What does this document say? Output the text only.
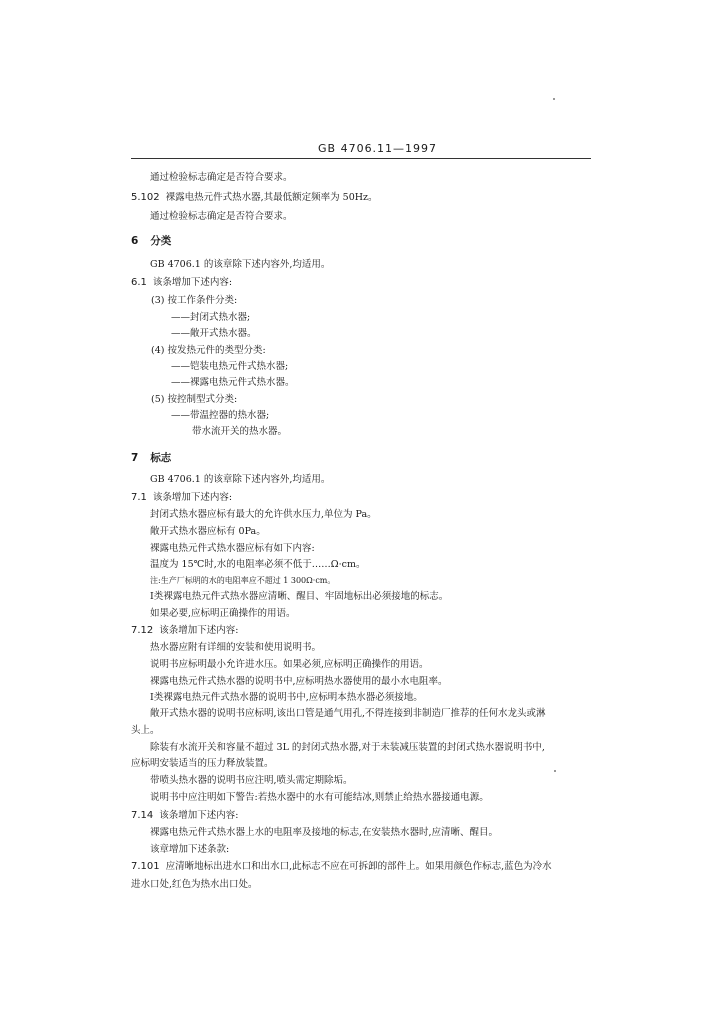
GB 4706.11—1997
通过检验标志确定是否符合要求。
5.102 裸露电热元件式热水器,其最低额定频率为 50Hz。
通过检验标志确定是否符合要求。
6 分类
GB 4706.1 的该章除下述内容外,均适用。
6.1 该条增加下述内容:
(3) 按工作条件分类:
——封闭式热水器;
——敞开式热水器。
(4) 按发热元件的类型分类:
——铠装电热元件式热水器;
——裸露电热元件式热水器。
(5) 按控制型式分类:
——带温控器的热水器;
带水流开关的热水器。
7 标志
GB 4706.1 的该章除下述内容外,均适用。
7.1 该条增加下述内容:
封闭式热水器应标有最大的允许供水压力,单位为 Pa。
敞开式热水器应标有 0Pa。
裸露电热元件式热水器应标有如下内容:
温度为 15℃时,水的电阻率必须不低于……Ω·cm。
注:生产厂标明的水的电阻率应不超过 1 300Ω·cm。
Ⅰ类裸露电热元件式热水器应清晰、醒目、牢固地标出必须接地的标志。
如果必要,应标明正确操作的用语。
7.12 该条增加下述内容:
热水器应附有详细的安装和使用说明书。
说明书应标明最小允许进水压。如果必须,应标明正确操作的用语。
裸露电热元件式热水器的说明书中,应标明热水器使用的最小水电阻率。
Ⅰ类裸露电热元件式热水器的说明书中,应标明本热水器必须接地。
敞开式热水器的说明书应标明,该出口管是通气用孔,不得连接到非制造厂推荐的任何水龙头或淋
头上。
除装有水流开关和容量不超过 3L 的封闭式热水器,对于未装减压装置的封闭式热水器说明书中,
应标明安装适当的压力释放装置。
带喷头热水器的说明书应注明,喷头需定期除垢。
说明书中应注明如下警告:若热水器中的水有可能结冰,则禁止给热水器接通电源。
7.14 该条增加下述内容:
裸露电热元件式热水器上水的电阻率及接地的标志,在安装热水器时,应清晰、醒目。
该章增加下述条款:
7.101 应清晰地标出进水口和出水口,此标志不应在可拆卸的部件上。如果用颜色作标志,蓝色为冷水
进水口处,红色为热水出口处。
